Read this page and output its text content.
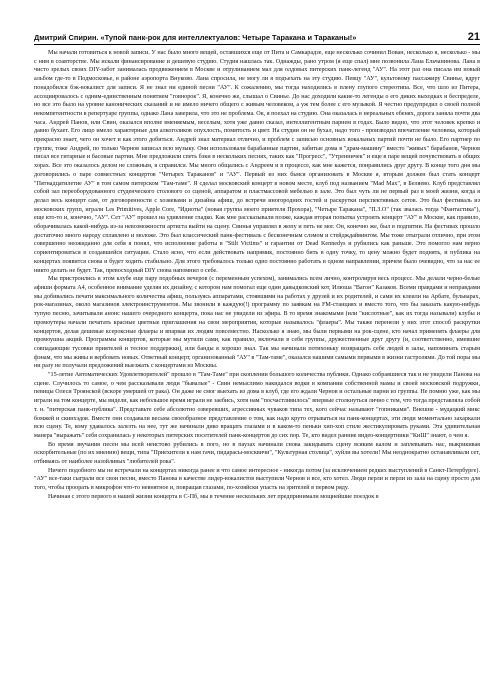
Дмитрий Спирин. «Тупой панк-рок для интеллектуалов: Четыре Таракана и Тараканы!»	21

Мы начали готовиться к новой записи. У нас было много вещей, оставшихся еще от Пита и Самкарадзе, еще несколько сочинил Вован, несколько я, несколько - мы с ним в соавторстве. Мы искали финансирование и дешевую студию. Студия нашлась так. Однажды, рано утром (я еще спал) мне позвонила Лана Ельчанинова. Лана в чисто зрелых своих DIY-забот занималась продвижением в Москве и отрулиианием мал для олдовых питерских панк-легенд "АУ". На этот раз она писала им новый альбом где-то в Подмосковье, в районе аэропорта Внуково. Лана спросила, не могу ли я подъехать на эту студию. Певцу "АУ", культовому пассажиру Свинье, вдруг понадобился бэк-вокалист для записи. Я не знал ни единой песни "АУ". К сожалению, мы тогда находились в плену глупого стереотипа. Все, что шло из Питера, ассоциировалось с одним-единственным понятием "говнорок". Я, конечно же, слышал о Свинье. До нас доходили какие-то легенды о его диких выходках и беспределе, но все это было на уровне канонических сказаний и не имело ничего общего с живым человеком, а уж тем более с его музыкой. Я честно предупредил о своей полной некомпетентности в репертуаре группы, однако Лана заверила, что это не проблема. Ок, я поехал на студию. Она оказалась в нереальных ебенях, дорога заняла почти два часа. Андрей Панов, или Свин, оказался вполне вменяемым, веселым, хотя уже давно сказал, интеллигентным парнем в годах. Было видно, что этот человек крепко и давно бухает. Его лицо имело характерные для алкоголиков опухлость, помятость и цвет. На студии он не бухал, надо того - производил впечатление человека, который прекрасно знает, чего он хочет и как этого добиться. Андрей знал материал отлично, и проблем с записью основных вокальных партий почти не было. Его партнер по группе, тоже Андрей, по только Чернов записал всю музыку. Они использовали барабанные партии, забитые дома в "драм-машину" вместо "живых" барабанов, Чернов писал все гитарные и басовые партии. Мне предложили спеть бэки в нескольких песнях, таких как "Прогресс", "Утренничек" и еще в паре вещей почувствовать в общих хорах. Все это оказалось делом не сложным, я справился. Мы много общались с Андреем и в процессе, как мне кажется, понравились друг другу. В конце того дня мы договорились о паре совместных концертов "Четырех Тараканов" и "АУ". Первый из них бьмся организовать в Москве я, вторым должен был стать концерт "Пятнадцатилетие АУ" в том самом питерском "Там-таме". Я сделал московский концерт в новом месте, клуб под названием "Mad Max", в Беляево. Клуб представлял собой зал переоборудованного студенческого столового со сценой, аппаратом и пластмассовой мебелью в зале. Это был чуть ли не первый раз в моей жизни, когда я делал весь концерт сам, от договоренности с хозяевами и дизайна афиш, до встречи иногородних гостей и раскрутки перспективных сетов. Это был фестиваль из московских групп, играли Les Primitives, Apple Core, "Идиоты" (новая группа моего приятеля Прохора), "Четыре Таракана", "П.З.О" (так звалась тогда "Фантастика"), еще кто-то и, конечно, "АУ". Сет "АУ" прошел на удивление гладко. Как мне рассказывали позже, каждая вторая попытка устроить концерт "АУ" в Москве, как правило, оборачивалась какой-нибудь из-за невозможности артиста выйти на сцену. Свинья управлял в жопу и петь не мог. Он, конечно же, был в подпитии. На фестивах прошло достаточно много народу сплавлено и моложе. Это был классический панк-фестиваль с бесконечным слэмом и стейдждайвингом. Мы тоже отыграли отлично, при этом совершенно неожиданно для себя я понял, что исполнение работы в "Stilt Victims" и гарантии от Dead Kennedys и рубились как раньше. Это помогло нам верно сориентироваться в создавшейся ситуации. Стало ясно, что если действовать напрямик, постоянно бить в одну точку, то цену можно будет поднять, и публика на концертах появится снова и будет ходить стабильно. Для этого требовалось только одно постоянно работать в одном направлении, причем было очевидно, что за нас ее никто делать не будет. Так, превосходный DIY снова напомнил о себе.

Мы пристроились в этом клубе еще пару подобных вечеров (с переменным успехом), занимались всем лично, контролируя весь процесс. Мы делали черно-белые афиши формата А4, особенное внимание уделяя их дизайну, с котором нам помогал еще один давыдковский кот, Илюша "Вагон" Казаков. Всеми правдами и неправдами мы добивались печати максимального количества афиш, пользуясь аппаратами, стоявшими на работах у друзей и их родителей, и сами их клеили на Арбате, бульварах, рок-магазинах, около магазинов электроинструментов. Мы звонили в каждую(!) программу по заявкам на FM-станциях и вместо того, что бы заказать какую-нибудь тупую песню, зачитывали анонс нашего очередного концерта, пока нас не увидели из эфира. В то время знакомыми (или "кислотные", как их тогда называли) клубы и промоутеры начали печатать красные цветные приглашения на свои мероприятия, которые называлось "флаеры". Мы также перенели у них этот способ раскрутки концертов, делая дешевые ксероксные флаеры и впарвая их людям повсеместно. Насколько я знаю, мы были первыми на рок-сцене, кто начал применять флаеры для промоушна акций. Программы концертов, которые мы мутили сами, как правило, включали в себя группы, дружественные друг другу (и, соответственно, имевшие совпадающие тусовки приятелей и тесное поддержки), или банды я хорошо знал. Так мы начинали потихоньку возвращать себе людей в залы, напоминать старым фэнам, что мы живы и вербовать новых. Ответный концерт, организованный "АУ" в "Там-таме", оказался нашими самыми первыми в жизни гастролями. До той поры мы ни разу не получали предложений выезжать с концертами из Москвы.

"15-летие Автоматических Удовлетворителей" прошло в "Там-Таме" при скоплении большого количества публики. Однако собравшиеся так и не увидели Панова на сцене. Случилось то самое, о чем рассказывали люди "бывалые" - Свин немыслимо накидался водки в компании собственной мамы и своей московской подружки, певицы Олеси Троянской (вскоре умершей от рака). Он даже не смог выехать из дома в клуб, где его ждали Чернов и остальные парни из группы. Не помню уже, как мы играли на том концерте, мы видели, как небольшое время играли не заебись, хотя нам "посчастливилось" впервые столкнуться лично с тем, что тогда представляла собой т. н. "питерская панк-публика". Представьте себе абсолютно озверевших, агрессивных чуваков типа тех, кого сейчас называют "гопниками". Внешне - мудацкий микс бомжей и скинхэдов. Вместе они создавали весьма своеобразное представление о том, как надо круто отрываться на панк-концертах, эти люди моментально захаркали всю сцену. Те, кому удавалось залезть на нее, тут же начинали дико вращать глазами и в каком-то пеньки хип-хоп стиле жестикулировать руками. Эта удивительная манера "выражать" себя сохранилась у некоторых питерских посетителей панк-концертов до сих пор. Те, кто видел ранние видео-концертники "КиШ" знают, о чем я.

Во время звучания песен мы всей неистово рубились в пого, но в паузах начинали снова закидывать сцену всяким калом и заплевывать нас, выкрикивая оскорбительные (по их мнению) вещи, типа "Приехители к нам гачи, пидарасы-москвичи", "Культурная столица", хуйли вы хотели! Мы неоднократно останавливали сет, отбиваясь от наиболее назойливых "любителей рока".

Ничего подобного мы не встречали на концертах никогда ранее и что самое интересное - никогда потом (за исключением редких выступлений в Санкт-Петербурге). "АУ" все-таки сыграли все свои песни, вместо Панова в качестве лидер-вокалистов выступили Чернов и все, кто хотел. Люди перли и перли из зала на сцену просто для того, чтобы проорать в микрофон что-то невнятное и, повращав глазами, по-хозяйски упасть на зрителей в первом ряду.

Начиная с этого первого в нашей жизни концерта в С-Пб, мы в течение нескольких лет предпринимали мощнейшие поездок в
